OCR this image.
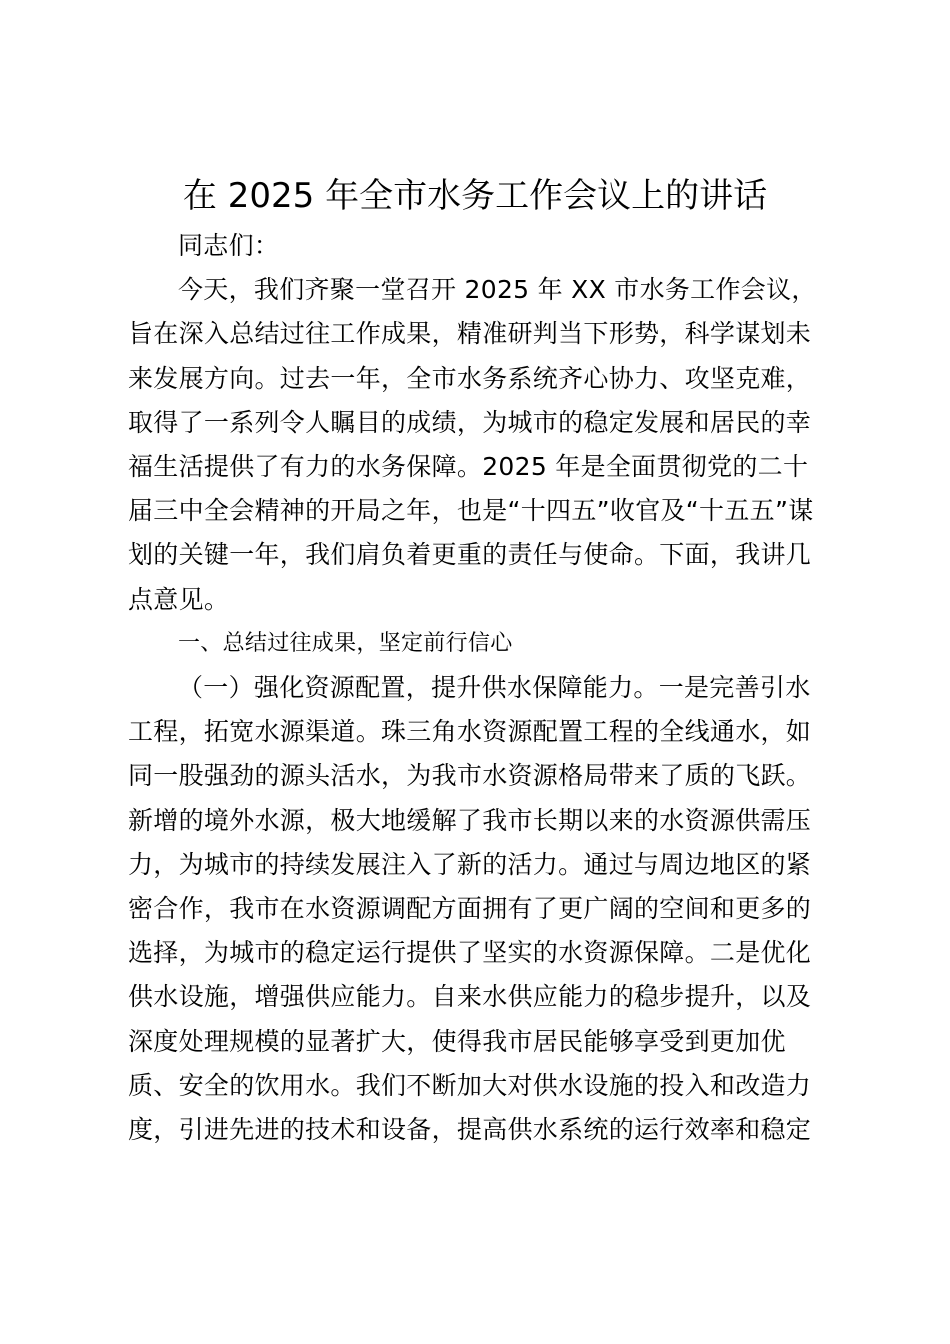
在 2025 年全市水务工作会议上的讲话
同志们：
今天，我们齐聚一堂召开 2025 年 XX 市水务工作会议，
旨在深入总结过往工作成果，精准研判当下形势，科学谋划未
来发展方向。过去一年，全市水务系统齐心协力、攻坚克难，
取得了一系列令人瞩目的成绩，为城市的稳定发展和居民的幸
福生活提供了有力的水务保障。2025 年是全面贯彻党的二十
届三中全会精神的开局之年，也是“十四五”收官及“十五五”谋
划的关键一年，我们肩负着更重的责任与使命。下面，我讲几
点意见。
一、总结过往成果，坚定前行信心
（一）强化资源配置，提升供水保障能力。一是完善引水
工程，拓宽水源渠道。珠三角水资源配置工程的全线通水，如
同一股强劲的源头活水，为我市水资源格局带来了质的飞跃。
新增的境外水源，极大地缓解了我市长期以来的水资源供需压
力，为城市的持续发展注入了新的活力。通过与周边地区的紧
密合作，我市在水资源调配方面拥有了更广阔的空间和更多的
选择，为城市的稳定运行提供了坚实的水资源保障。二是优化
供水设施，增强供应能力。自来水供应能力的稳步提升，以及
深度处理规模的显著扩大，使得我市居民能够享受到更加优
质、安全的饮用水。我们不断加大对供水设施的投入和改造力
度，引进先进的技术和设备，提高供水系统的运行效率和稳定
